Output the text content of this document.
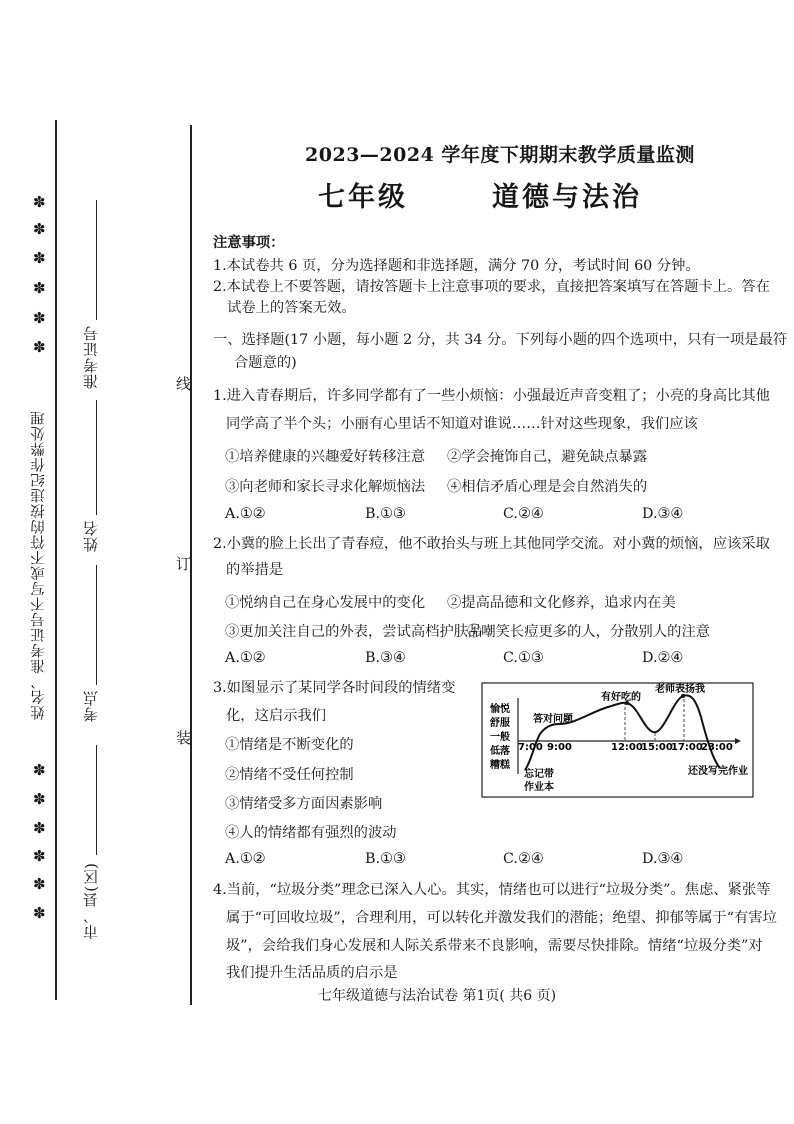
✽
✽
✽
✽
✽
✽
姓名、准考证号不写或不符的按违纪作弊处理
✽
✽
✽
✽
✽
✽
准考证号
姓名
考点
市、县(区)
线
订
装
2023—2024 学年度下期期末教学质量监测
七年级	道德与法治
注意事项：
1.本试卷共 6 页，分为选择题和非选择题，满分 70 分，考试时间 60 分钟。
2.本试卷上不要答题，请按答题卡上注意事项的要求，直接把答案填写在答题卡上。答在
试卷上的答案无效。
一、选择题(17 小题，每小题 2 分，共 34 分。下列每小题的四个选项中，只有一项是最符
合题意的)
1.进入青春期后，许多同学都有了一些小烦恼：小强最近声音变粗了；小亮的身高比其他
同学高了半个头；小丽有心里话不知道对谁说……针对这些现象，我们应该
①培养健康的兴趣爱好转移注意 ②学会掩饰自己，避免缺点暴露
③向老师和家长寻求化解烦恼法 ④相信矛盾心理是会自然消失的
A.①②	B.①③	C.②④	D.③④
2.小冀的脸上长出了青春痘，他不敢抬头与班上其他同学交流。对小冀的烦恼，应该采取
的举措是
①悦纳自己在身心发展中的变化 ②提高品德和文化修养，追求内在美
③更加关注自己的外表，尝试高档护肤品
④嘲笑长痘更多的人，分散别人的注意
A.①②	B.③④	C.①③	D.②④
3.如图显示了某同学各时间段的情绪变
化，这启示我们
①情绪是不断变化的
②情绪不受任何控制
③情绪受多方面因素影响
④人的情绪都有强烈的波动
A.①②	B.①③	C.②④	D.③④
愉悦
舒服
一般
低落
糟糕
7:00 9:00	12:00
15:00
17:00
23:00
答对问题
有好吃的
老师表扬我
忘记带
作业本
还没写完作业
4.当前，“垃圾分类”理念已深入人心。其实，情绪也可以进行“垃圾分类”。焦虑、紧张等
属于“可回收垃圾”，合理利用，可以转化并激发我们的潜能；绝望、抑郁等属于“有害垃
圾”，会给我们身心发展和人际关系带来不良影响，需要尽快排除。情绪“垃圾分类”对
我们提升生活品质的启示是
七年级道德与法治试卷 第1页( 共6 页)
